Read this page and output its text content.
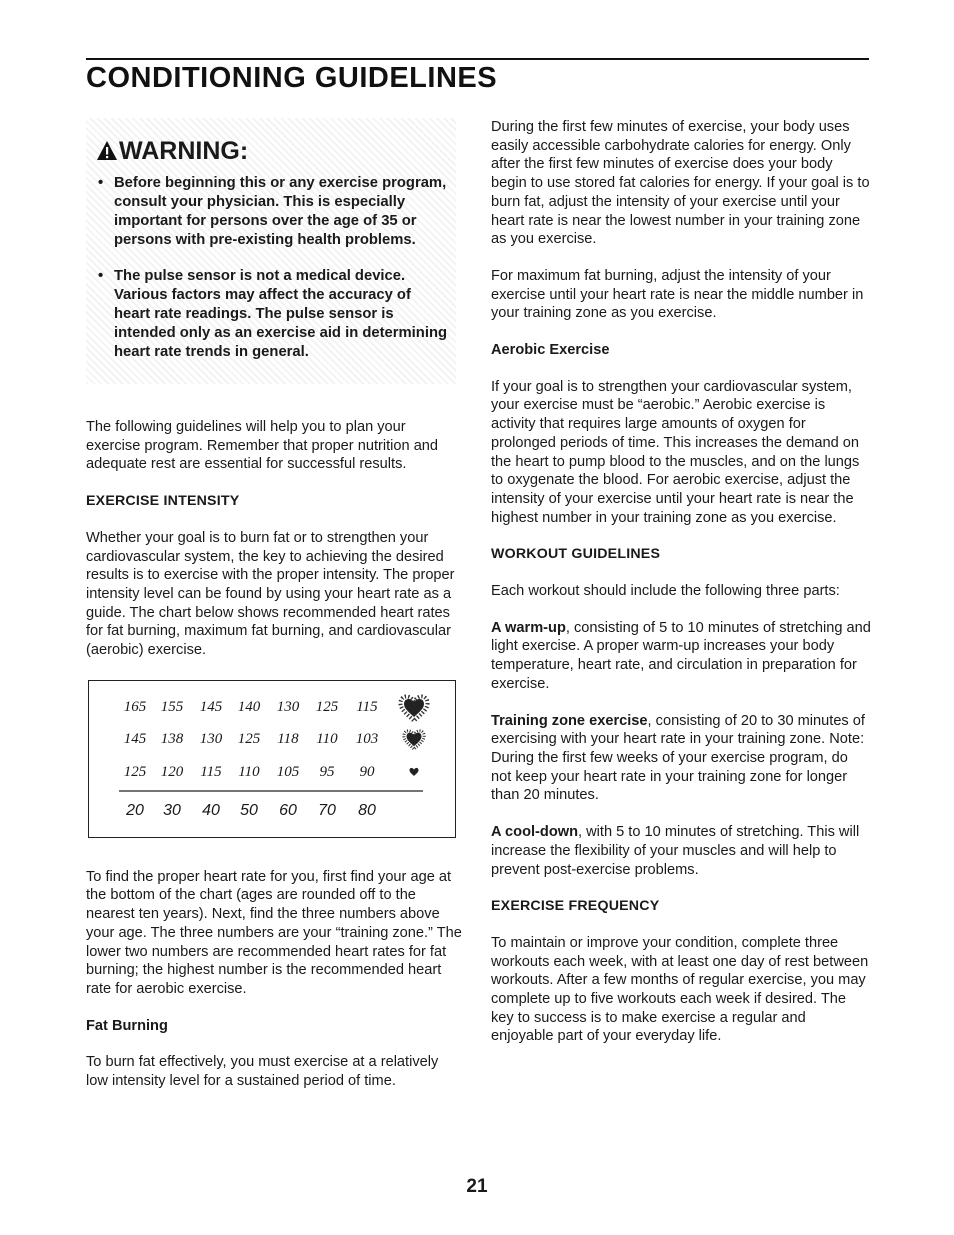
CONDITIONING GUIDELINES
WARNING:
• Before beginning this or any exercise program, consult your physician. This is especially important for persons over the age of 35 or persons with pre-existing health problems.
• The pulse sensor is not a medical device. Various factors may affect the accuracy of heart rate readings. The pulse sensor is intended only as an exercise aid in determining heart rate trends in general.

The following guidelines will help you to plan your exercise program. Remember that proper nutrition and adequate rest are essential for successful results.

EXERCISE INTENSITY

Whether your goal is to burn fat or to strengthen your cardiovascular system, the key to achieving the desired results is to exercise with the proper intensity. The proper intensity level can be found by using your heart rate as a guide. The chart below shows recommended heart rates for fat burning, maximum fat burning, and cardiovascular (aerobic) exercise.

165 155 145 140 130 125 115
145 138 130 125 118 110 103
125 120 115 110 105 95 90
20 30 40 50 60 70 80

To find the proper heart rate for you, first find your age at the bottom of the chart (ages are rounded off to the nearest ten years). Next, find the three numbers above your age. The three numbers are your “training zone.” The lower two numbers are recommended heart rates for fat burning; the highest number is the recommended heart rate for aerobic exercise.

Fat Burning

To burn fat effectively, you must exercise at a relatively low intensity level for a sustained period of time.

During the first few minutes of exercise, your body uses easily accessible carbohydrate calories for energy. Only after the first few minutes of exercise does your body begin to use stored fat calories for energy. If your goal is to burn fat, adjust the intensity of your exercise until your heart rate is near the lowest number in your training zone as you exercise.

For maximum fat burning, adjust the intensity of your exercise until your heart rate is near the middle number in your training zone as you exercise.

Aerobic Exercise

If your goal is to strengthen your cardiovascular system, your exercise must be “aerobic.” Aerobic exercise is activity that requires large amounts of oxygen for prolonged periods of time. This increases the demand on the heart to pump blood to the muscles, and on the lungs to oxygenate the blood. For aerobic exercise, adjust the intensity of your exercise until your heart rate is near the highest number in your training zone as you exercise.

WORKOUT GUIDELINES

Each workout should include the following three parts:

A warm-up, consisting of 5 to 10 minutes of stretching and light exercise. A proper warm-up increases your body temperature, heart rate, and circulation in preparation for exercise.

Training zone exercise, consisting of 20 to 30 minutes of exercising with your heart rate in your training zone. Note: During the first few weeks of your exercise program, do not keep your heart rate in your training zone for longer than 20 minutes.

A cool-down, with 5 to 10 minutes of stretching. This will increase the flexibility of your muscles and will help to prevent post-exercise problems.

EXERCISE FREQUENCY

To maintain or improve your condition, complete three workouts each week, with at least one day of rest between workouts. After a few months of regular exercise, you may complete up to five workouts each week if desired. The key to success is to make exercise a regular and enjoyable part of your everyday life.

21
